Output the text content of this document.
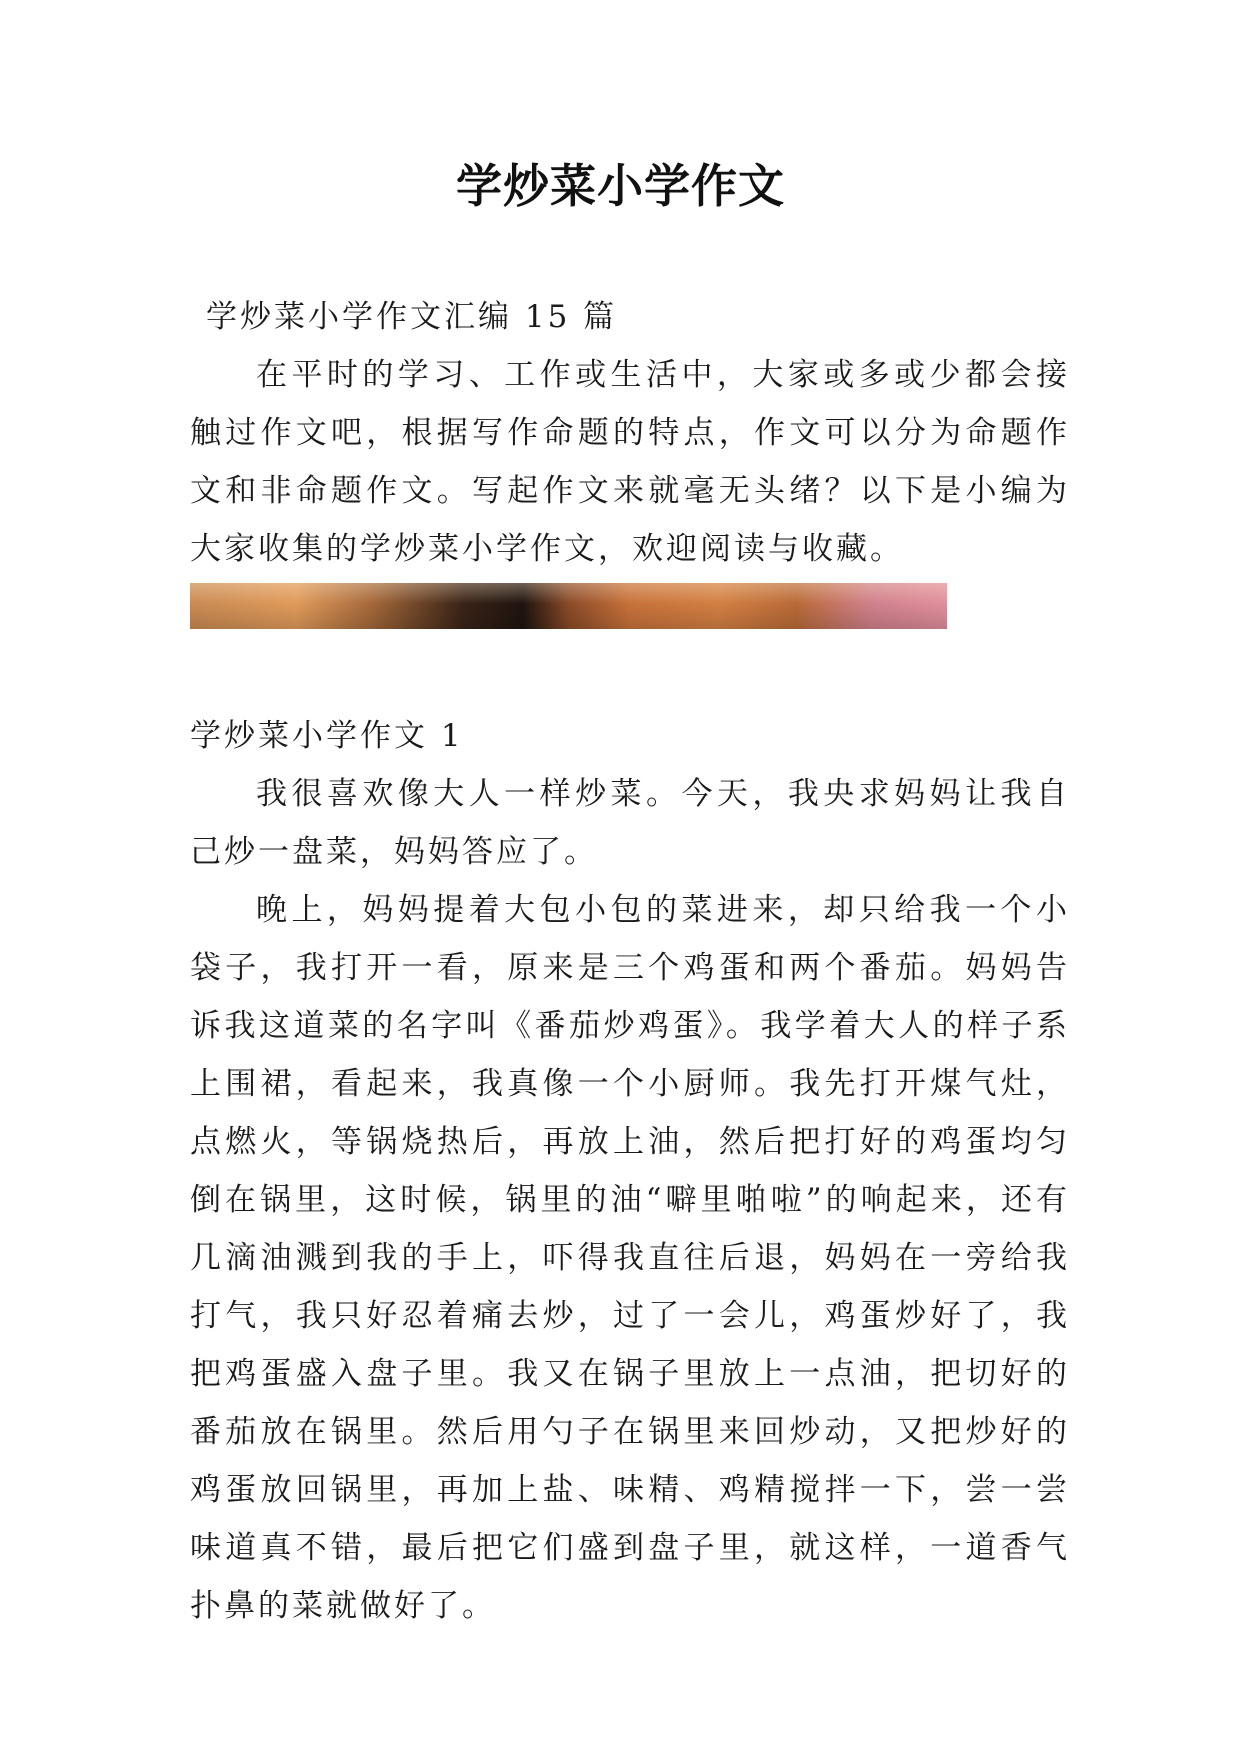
学炒菜小学作文

学炒菜小学作文汇编 15 篇

在平时的学习、工作或生活中，大家或多或少都会接触过作文吧，根据写作命题的特点，作文可以分为命题作文和非命题作文。写起作文来就毫无头绪？以下是小编为大家收集的学炒菜小学作文，欢迎阅读与收藏。

学炒菜小学作文 1

我很喜欢像大人一样炒菜。今天，我央求妈妈让我自己炒一盘菜，妈妈答应了。

晚上，妈妈提着大包小包的菜进来，却只给我一个小袋子，我打开一看，原来是三个鸡蛋和两个番茄。妈妈告诉我这道菜的名字叫《番茄炒鸡蛋》。我学着大人的样子系上围裙，看起来，我真像一个小厨师。我先打开煤气灶，点燃火，等锅烧热后，再放上油，然后把打好的鸡蛋均匀倒在锅里，这时候，锅里的油“噼里啪啦”的响起来，还有几滴油溅到我的手上，吓得我直往后退，妈妈在一旁给我打气，我只好忍着痛去炒，过了一会儿，鸡蛋炒好了，我把鸡蛋盛入盘子里。我又在锅子里放上一点油，把切好的番茄放在锅里。然后用勺子在锅里来回炒动，又把炒好的鸡蛋放回锅里，再加上盐、味精、鸡精搅拌一下，尝一尝味道真不错，最后把它们盛到盘子里，就这样，一道香气扑鼻的菜就做好了。
